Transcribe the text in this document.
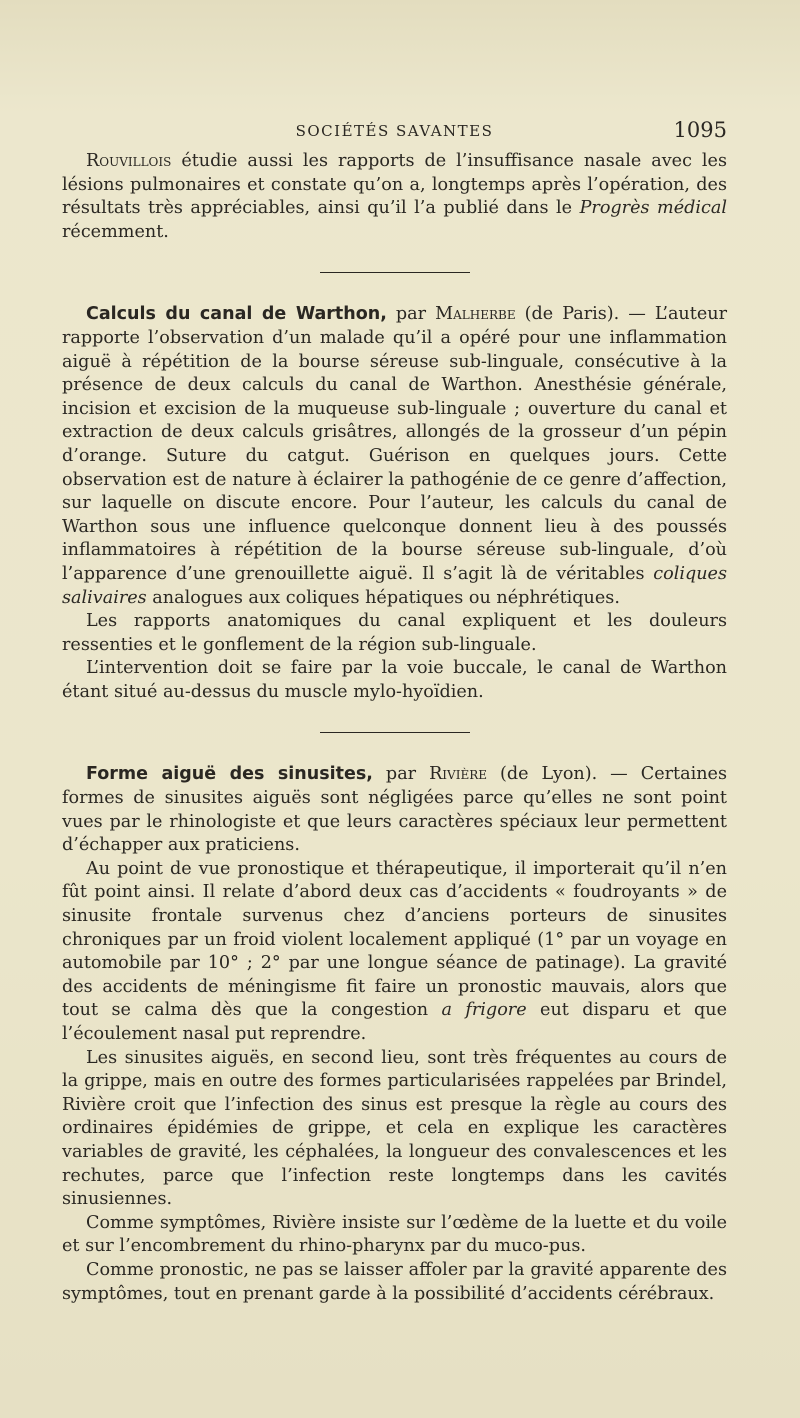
SOCIÉTÉS SAVANTES	1095

Rouvillois étudie aussi les rapports de l’insuffisance nasale avec les lésions pulmonaires et constate qu’on a, longtemps après l’opération, des résultats très appréciables, ainsi qu’il l’a publié dans le Progrès médical récemment.

Calculs du canal de Warthon, par Malherbe (de Paris). — L’auteur rapporte l’observation d’un malade qu’il a opéré pour une inflammation aiguë à répétition de la bourse séreuse sub-linguale, consécutive à la présence de deux calculs du canal de Warthon. Anesthésie générale, incision et excision de la muqueuse sub-linguale ; ouverture du canal et extraction de deux calculs grisâtres, allongés de la grosseur d’un pépin d’orange. Suture du catgut. Guérison en quelques jours. Cette observation est de nature à éclairer la pathogénie de ce genre d’affection, sur laquelle on discute encore. Pour l’auteur, les calculs du canal de Warthon sous une influence quelconque donnent lieu à des poussés inflammatoires à répétition de la bourse séreuse sub-linguale, d’où l’apparence d’une grenouillette aiguë. Il s’agit là de véritables coliques salivaires analogues aux coliques hépatiques ou néphrétiques.

Les rapports anatomiques du canal expliquent et les douleurs ressenties et le gonflement de la région sub-linguale.

L’intervention doit se faire par la voie buccale, le canal de Warthon étant situé au-dessus du muscle mylo-hyoïdien.

Forme aiguë des sinusites, par Rivière (de Lyon). — Certaines formes de sinusites aiguës sont négligées parce qu’elles ne sont point vues par le rhinologiste et que leurs caractères spéciaux leur permettent d’échapper aux praticiens.

Au point de vue pronostique et thérapeutique, il importerait qu’il n’en fût point ainsi. Il relate d’abord deux cas d’accidents « foudroyants » de sinusite frontale survenus chez d’anciens porteurs de sinusites chroniques par un froid violent localement appliqué (1° par un voyage en automobile par 10° ; 2° par une longue séance de patinage). La gravité des accidents de méningisme fit faire un pronostic mauvais, alors que tout se calma dès que la congestion a frigore eut disparu et que l’écoulement nasal put reprendre.

Les sinusites aiguës, en second lieu, sont très fréquentes au cours de la grippe, mais en outre des formes particularisées rappelées par Brindel, Rivière croit que l’infection des sinus est presque la règle au cours des ordinaires épidémies de grippe, et cela en explique les caractères variables de gravité, les céphalées, la longueur des convalescences et les rechutes, parce que l’infection reste longtemps dans les cavités sinusiennes.

Comme symptômes, Rivière insiste sur l’œdème de la luette et du voile et sur l’encombrement du rhino-pharynx par du muco-pus.

Comme pronostic, ne pas se laisser affoler par la gravité apparente des symptômes, tout en prenant garde à la possibilité d’accidents cérébraux.
